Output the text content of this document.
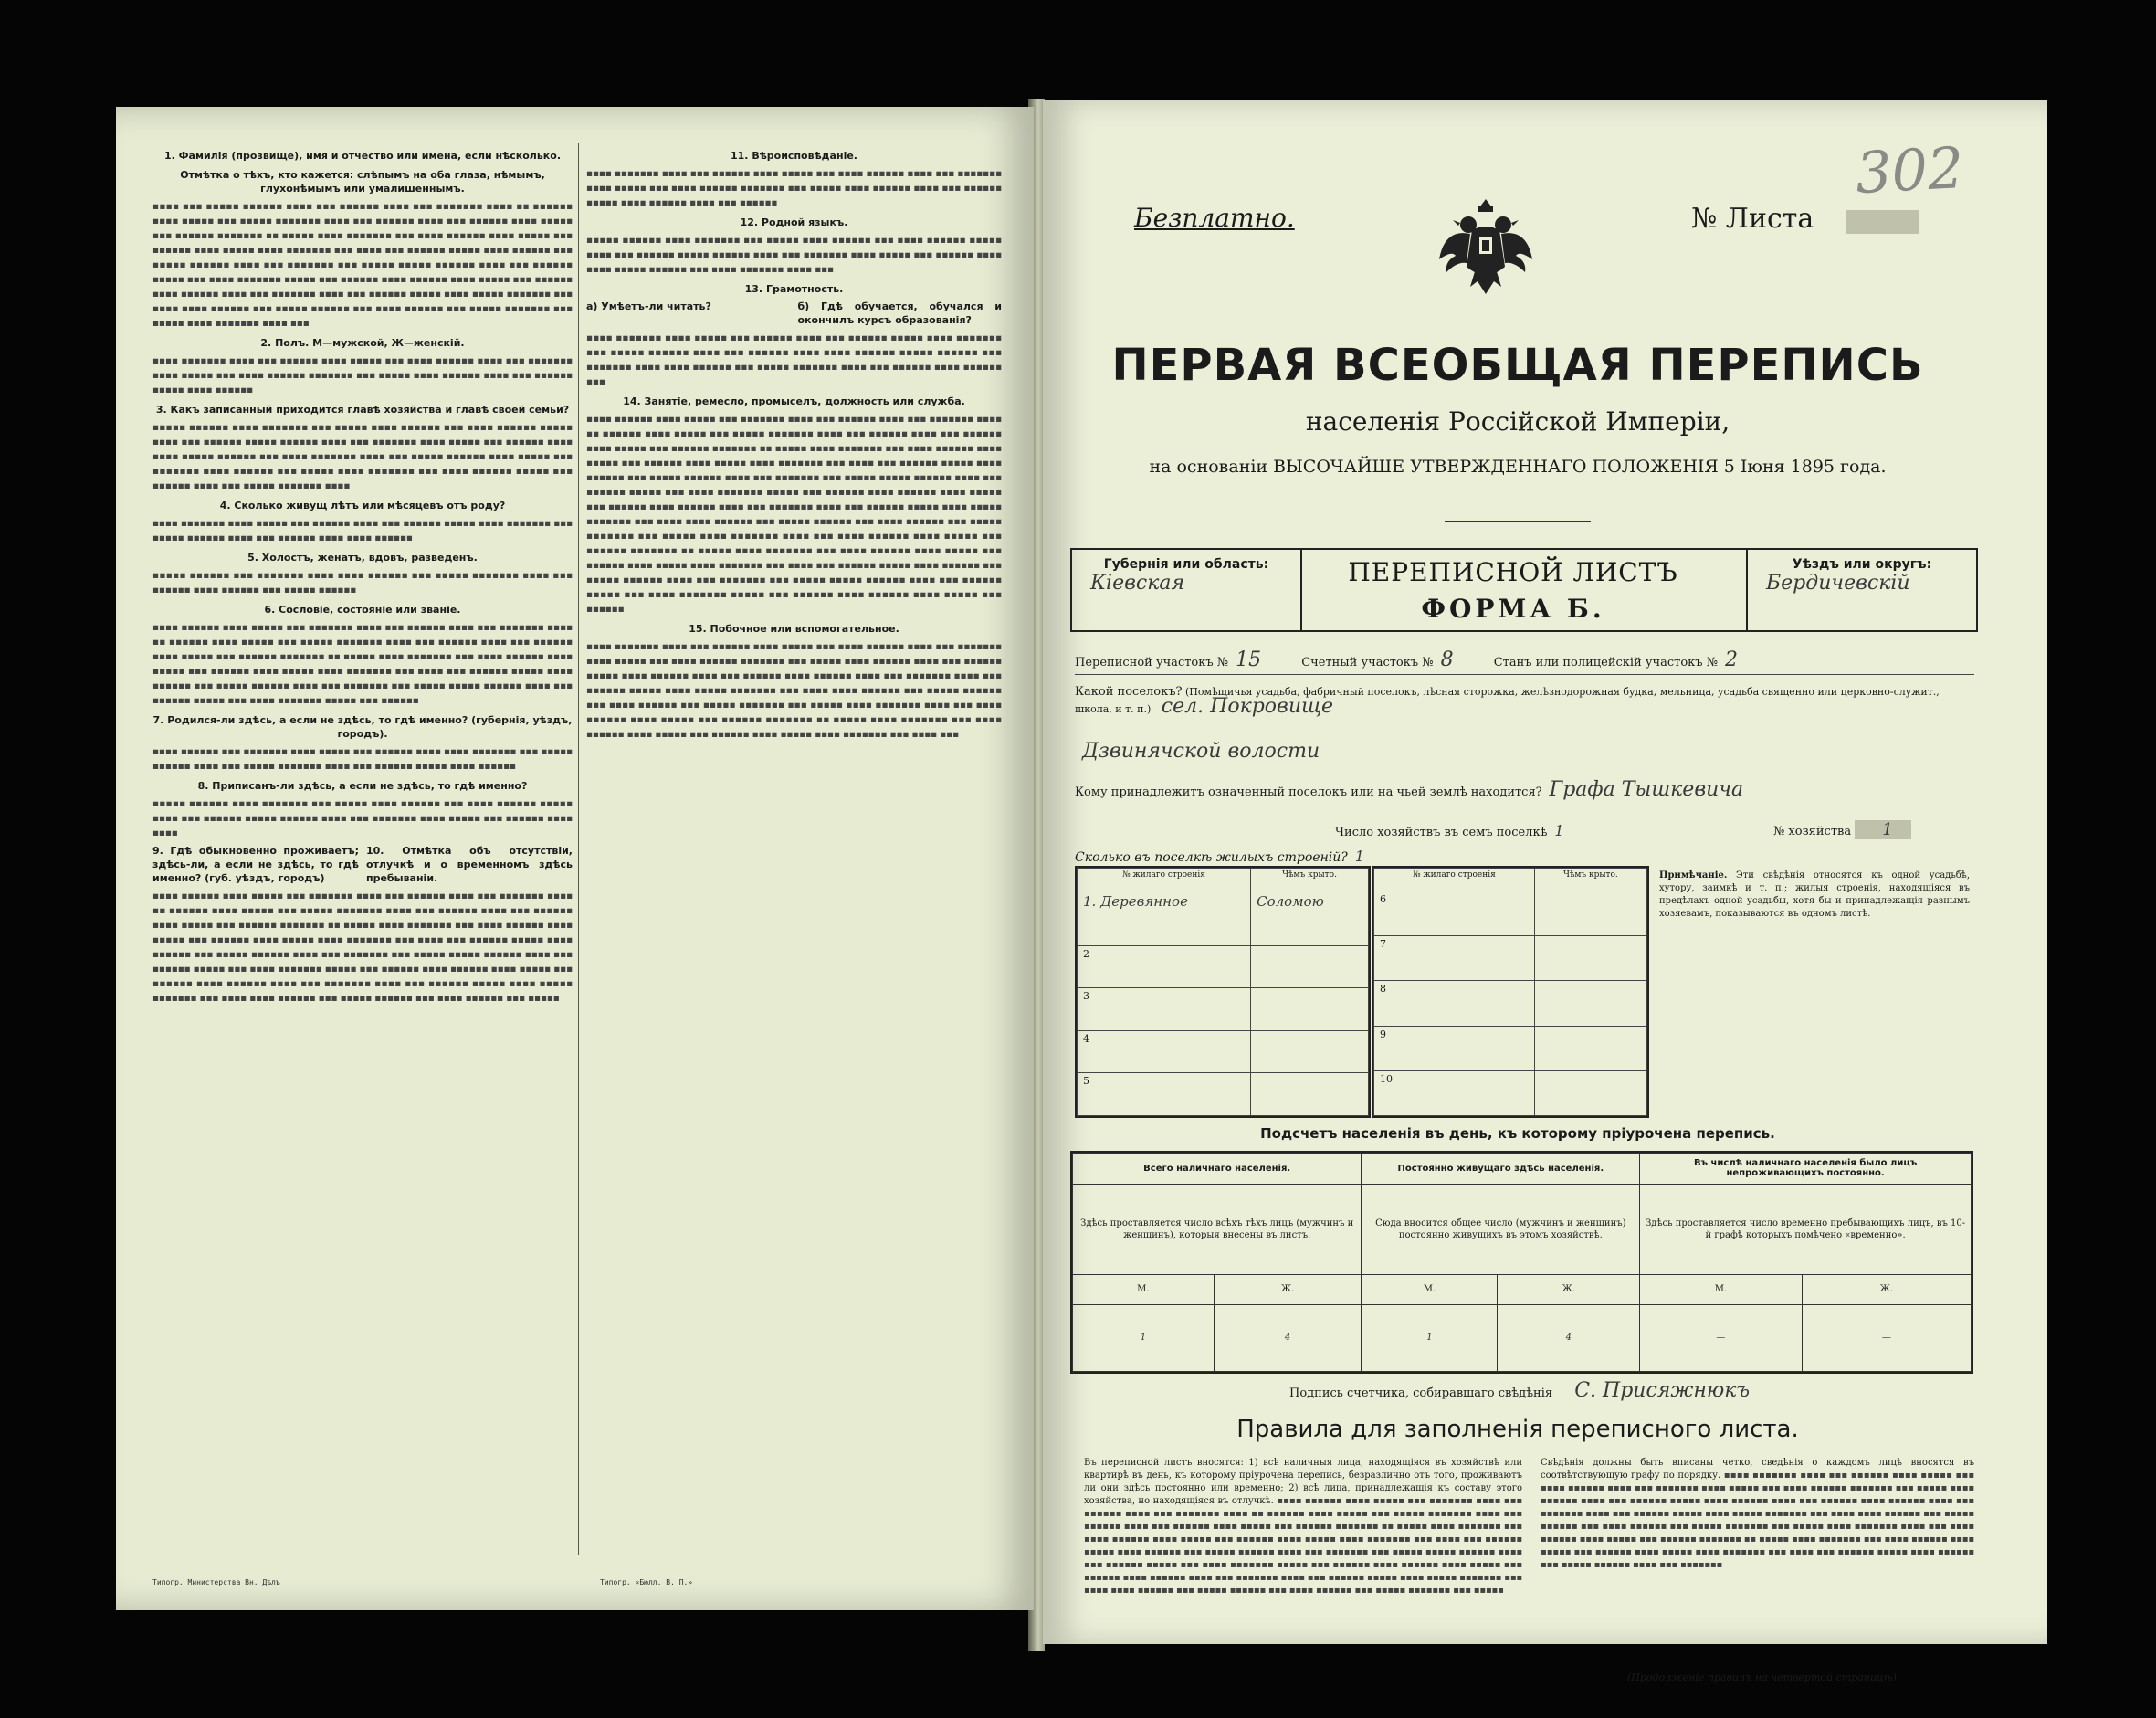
1. Фамилія (прозвище), имя и отчество или имена, если нѣсколько.
Отмѣтка о тѣхъ, кто кажется: слѣпымъ на оба глаза, нѣмымъ, глухонѣмымъ или умалишеннымъ.
▪▪▪▪ ▪▪▪ ▪▪▪▪▪ ▪▪▪▪▪▪ ▪▪▪▪ ▪▪▪ ▪▪▪▪▪▪ ▪▪▪▪ ▪▪▪ ▪▪▪▪▪▪▪ ▪▪▪▪ ▪▪ ▪▪▪▪▪▪ ▪▪▪▪ ▪▪▪▪▪ ▪▪▪ ▪▪▪▪▪ ▪▪▪▪▪▪▪ ▪▪▪▪ ▪▪▪ ▪▪▪▪▪▪ ▪▪▪▪ ▪▪▪ ▪▪▪▪▪▪ ▪▪▪▪ ▪▪▪▪▪ ▪▪▪ ▪▪▪▪▪▪ ▪▪▪▪▪▪▪ ▪▪ ▪▪▪▪▪ ▪▪▪▪ ▪▪▪▪▪▪▪ ▪▪▪ ▪▪▪▪ ▪▪▪▪▪▪ ▪▪▪▪ ▪▪▪▪▪ ▪▪▪ ▪▪▪▪▪▪ ▪▪▪▪ ▪▪▪▪▪ ▪▪▪▪ ▪▪▪▪▪▪▪ ▪▪▪ ▪▪▪▪ ▪▪▪ ▪▪▪▪▪▪ ▪▪▪▪▪ ▪▪▪▪ ▪▪▪▪▪▪ ▪▪▪ ▪▪▪▪▪ ▪▪▪▪▪▪ ▪▪▪▪ ▪▪▪ ▪▪▪▪▪▪▪ ▪▪▪ ▪▪▪▪▪ ▪▪▪▪▪ ▪▪▪▪▪▪ ▪▪▪▪ ▪▪▪ ▪▪▪▪▪▪ ▪▪▪▪▪ ▪▪▪ ▪▪▪▪ ▪▪▪▪▪▪▪ ▪▪▪▪▪ ▪▪▪ ▪▪▪▪▪▪ ▪▪▪▪ ▪▪▪▪▪▪ ▪▪▪▪ ▪▪▪▪▪ ▪▪▪ ▪▪▪▪▪▪ ▪▪▪▪ ▪▪▪▪▪▪ ▪▪▪▪ ▪▪▪ ▪▪▪▪▪▪▪ ▪▪▪▪ ▪▪▪ ▪▪▪▪▪▪ ▪▪▪▪▪ ▪▪▪▪ ▪▪▪▪▪ ▪▪▪▪▪▪▪ ▪▪▪ ▪▪▪▪ ▪▪▪▪ ▪▪▪▪▪▪ ▪▪▪ ▪▪▪▪▪ ▪▪▪▪▪▪ ▪▪▪ ▪▪▪▪ ▪▪▪▪▪▪ ▪▪▪ ▪▪▪▪▪ ▪▪▪▪▪▪▪ ▪▪▪ ▪▪▪▪▪ ▪▪▪▪ ▪▪▪▪▪▪▪ ▪▪▪▪ ▪▪▪
2. Полъ. М—мужской, Ж—женскій.
▪▪▪▪ ▪▪▪▪▪▪▪ ▪▪▪▪ ▪▪▪ ▪▪▪▪▪▪ ▪▪▪▪ ▪▪▪▪▪ ▪▪▪ ▪▪▪▪ ▪▪▪▪▪▪ ▪▪▪▪ ▪▪▪ ▪▪▪▪▪▪▪ ▪▪▪▪ ▪▪▪▪▪ ▪▪▪ ▪▪▪▪ ▪▪▪▪▪▪ ▪▪▪▪▪▪▪ ▪▪▪ ▪▪▪▪▪ ▪▪▪▪ ▪▪▪▪▪▪ ▪▪▪▪ ▪▪▪ ▪▪▪▪▪▪ ▪▪▪▪▪ ▪▪▪▪ ▪▪▪▪▪▪
3. Какъ записанный приходится главѣ хозяйства и главѣ своей семьи?
▪▪▪▪▪ ▪▪▪▪▪▪ ▪▪▪▪ ▪▪▪▪▪▪▪ ▪▪▪ ▪▪▪▪▪ ▪▪▪▪ ▪▪▪▪▪▪ ▪▪▪ ▪▪▪▪ ▪▪▪▪▪▪ ▪▪▪▪▪ ▪▪▪▪ ▪▪▪ ▪▪▪▪▪▪ ▪▪▪▪▪ ▪▪▪▪▪▪ ▪▪▪▪ ▪▪▪ ▪▪▪▪▪▪▪ ▪▪▪▪ ▪▪▪▪▪ ▪▪▪ ▪▪▪▪▪▪ ▪▪▪▪ ▪▪▪▪ ▪▪▪▪▪ ▪▪▪▪▪▪ ▪▪▪ ▪▪▪▪ ▪▪▪▪▪▪▪ ▪▪▪▪ ▪▪▪ ▪▪▪▪▪ ▪▪▪▪▪▪ ▪▪▪▪ ▪▪▪▪▪ ▪▪▪ ▪▪▪▪▪▪▪ ▪▪▪▪ ▪▪▪▪▪▪ ▪▪▪ ▪▪▪▪▪ ▪▪▪▪ ▪▪▪▪▪▪▪ ▪▪▪ ▪▪▪▪ ▪▪▪▪▪▪ ▪▪▪▪▪ ▪▪▪ ▪▪▪▪▪▪ ▪▪▪▪ ▪▪▪ ▪▪▪▪▪ ▪▪▪▪▪▪▪ ▪▪▪▪
4. Сколько живущ лѣтъ или мѣсяцевъ отъ роду?
▪▪▪▪ ▪▪▪▪▪▪▪ ▪▪▪▪ ▪▪▪▪▪ ▪▪▪ ▪▪▪▪▪▪ ▪▪▪▪ ▪▪▪ ▪▪▪▪▪▪ ▪▪▪▪▪ ▪▪▪▪ ▪▪▪▪▪▪▪ ▪▪▪ ▪▪▪▪▪ ▪▪▪▪▪▪ ▪▪▪▪ ▪▪▪ ▪▪▪▪▪▪ ▪▪▪▪ ▪▪▪▪ ▪▪▪▪▪▪
5. Холостъ, женатъ, вдовъ, разведенъ.
▪▪▪▪▪ ▪▪▪▪▪▪ ▪▪▪ ▪▪▪▪▪▪▪ ▪▪▪▪ ▪▪▪▪ ▪▪▪▪▪▪ ▪▪▪ ▪▪▪▪▪ ▪▪▪▪▪▪▪ ▪▪▪▪ ▪▪▪ ▪▪▪▪▪▪ ▪▪▪▪ ▪▪▪▪▪▪ ▪▪▪ ▪▪▪▪▪ ▪▪▪▪▪▪
6. Сословіе, состояніе или званіе.
▪▪▪▪ ▪▪▪▪▪▪ ▪▪▪▪ ▪▪▪▪▪ ▪▪▪ ▪▪▪▪▪▪▪ ▪▪▪▪ ▪▪▪ ▪▪▪▪▪▪ ▪▪▪▪ ▪▪▪ ▪▪▪▪▪▪▪ ▪▪▪▪ ▪▪ ▪▪▪▪▪▪ ▪▪▪▪ ▪▪▪▪▪ ▪▪▪ ▪▪▪▪▪ ▪▪▪▪▪▪▪ ▪▪▪▪ ▪▪▪ ▪▪▪▪▪▪ ▪▪▪▪ ▪▪▪ ▪▪▪▪▪▪ ▪▪▪▪ ▪▪▪▪▪ ▪▪▪ ▪▪▪▪▪▪ ▪▪▪▪▪▪▪ ▪▪ ▪▪▪▪▪ ▪▪▪▪ ▪▪▪▪▪▪▪ ▪▪▪ ▪▪▪▪ ▪▪▪▪▪▪ ▪▪▪▪ ▪▪▪▪▪ ▪▪▪ ▪▪▪▪▪▪ ▪▪▪▪ ▪▪▪▪▪ ▪▪▪▪ ▪▪▪▪▪▪▪ ▪▪▪ ▪▪▪▪ ▪▪▪ ▪▪▪▪▪▪ ▪▪▪▪▪ ▪▪▪▪ ▪▪▪▪▪▪ ▪▪▪ ▪▪▪▪▪ ▪▪▪▪▪▪ ▪▪▪▪ ▪▪▪ ▪▪▪▪▪▪▪ ▪▪▪ ▪▪▪▪▪ ▪▪▪▪▪ ▪▪▪▪▪▪ ▪▪▪▪ ▪▪▪ ▪▪▪▪▪▪ ▪▪▪▪▪ ▪▪▪ ▪▪▪▪ ▪▪▪▪▪▪▪ ▪▪▪▪▪ ▪▪▪ ▪▪▪▪▪▪
7. Родился-ли здѣсь, а если не здѣсь, то гдѣ именно? (губернія, уѣздъ, городъ).
▪▪▪▪ ▪▪▪▪▪▪ ▪▪▪ ▪▪▪▪▪▪▪ ▪▪▪▪ ▪▪▪▪▪ ▪▪▪ ▪▪▪▪▪▪ ▪▪▪▪ ▪▪▪▪ ▪▪▪▪▪▪▪ ▪▪▪ ▪▪▪▪▪ ▪▪▪▪▪▪ ▪▪▪▪ ▪▪▪ ▪▪▪▪▪ ▪▪▪▪▪▪▪ ▪▪▪▪ ▪▪▪ ▪▪▪▪▪▪ ▪▪▪▪▪ ▪▪▪▪ ▪▪▪▪▪▪
8. Приписанъ-ли здѣсь, а если не здѣсь, то гдѣ именно?
▪▪▪▪▪ ▪▪▪▪▪▪ ▪▪▪▪ ▪▪▪▪▪▪▪ ▪▪▪ ▪▪▪▪▪ ▪▪▪▪ ▪▪▪▪▪▪ ▪▪▪ ▪▪▪▪ ▪▪▪▪▪▪ ▪▪▪▪▪ ▪▪▪▪ ▪▪▪ ▪▪▪▪▪▪ ▪▪▪▪▪ ▪▪▪▪▪▪ ▪▪▪▪ ▪▪▪ ▪▪▪▪▪▪▪ ▪▪▪▪ ▪▪▪▪▪ ▪▪▪ ▪▪▪▪▪▪ ▪▪▪▪ ▪▪▪▪
9. Гдѣ обыкновенно проживаетъ; здѣсь-ли, а если не здѣсь, то гдѣ именно? (губ. уѣздъ, городъ)
10. Отмѣтка объ отсутствіи, отлучкѣ и о временномъ здѣсь пребываніи.
▪▪▪▪ ▪▪▪▪▪▪ ▪▪▪▪ ▪▪▪▪▪ ▪▪▪ ▪▪▪▪▪▪▪ ▪▪▪▪ ▪▪▪ ▪▪▪▪▪▪ ▪▪▪▪ ▪▪▪ ▪▪▪▪▪▪▪ ▪▪▪▪ ▪▪ ▪▪▪▪▪▪ ▪▪▪▪ ▪▪▪▪▪ ▪▪▪ ▪▪▪▪▪ ▪▪▪▪▪▪▪ ▪▪▪▪ ▪▪▪ ▪▪▪▪▪▪ ▪▪▪▪ ▪▪▪ ▪▪▪▪▪▪ ▪▪▪▪ ▪▪▪▪▪ ▪▪▪ ▪▪▪▪▪▪ ▪▪▪▪▪▪▪ ▪▪ ▪▪▪▪▪ ▪▪▪▪ ▪▪▪▪▪▪▪ ▪▪▪ ▪▪▪▪ ▪▪▪▪▪▪ ▪▪▪▪ ▪▪▪▪▪ ▪▪▪ ▪▪▪▪▪▪ ▪▪▪▪ ▪▪▪▪▪ ▪▪▪▪ ▪▪▪▪▪▪▪ ▪▪▪ ▪▪▪▪ ▪▪▪ ▪▪▪▪▪▪ ▪▪▪▪▪ ▪▪▪▪ ▪▪▪▪▪▪ ▪▪▪ ▪▪▪▪▪ ▪▪▪▪▪▪ ▪▪▪▪ ▪▪▪ ▪▪▪▪▪▪▪ ▪▪▪ ▪▪▪▪▪ ▪▪▪▪▪ ▪▪▪▪▪▪ ▪▪▪▪ ▪▪▪ ▪▪▪▪▪▪ ▪▪▪▪▪ ▪▪▪ ▪▪▪▪ ▪▪▪▪▪▪▪ ▪▪▪▪▪ ▪▪▪ ▪▪▪▪▪▪ ▪▪▪▪ ▪▪▪▪▪▪ ▪▪▪▪ ▪▪▪▪▪ ▪▪▪ ▪▪▪▪▪▪ ▪▪▪▪ ▪▪▪▪▪▪ ▪▪▪▪ ▪▪▪ ▪▪▪▪▪▪▪ ▪▪▪▪ ▪▪▪ ▪▪▪▪▪▪ ▪▪▪▪▪ ▪▪▪▪ ▪▪▪▪▪ ▪▪▪▪▪▪▪ ▪▪▪ ▪▪▪▪ ▪▪▪▪ ▪▪▪▪▪▪ ▪▪▪ ▪▪▪▪▪ ▪▪▪▪▪▪ ▪▪▪ ▪▪▪▪ ▪▪▪▪▪▪ ▪▪▪ ▪▪▪▪▪
11. Вѣроисповѣданіе.
▪▪▪▪ ▪▪▪▪▪▪▪ ▪▪▪▪ ▪▪▪ ▪▪▪▪▪▪ ▪▪▪▪ ▪▪▪▪▪ ▪▪▪ ▪▪▪▪ ▪▪▪▪▪▪ ▪▪▪▪ ▪▪▪ ▪▪▪▪▪▪▪ ▪▪▪▪ ▪▪▪▪▪ ▪▪▪ ▪▪▪▪ ▪▪▪▪▪▪ ▪▪▪▪▪▪▪ ▪▪▪ ▪▪▪▪▪ ▪▪▪▪ ▪▪▪▪▪▪ ▪▪▪▪ ▪▪▪ ▪▪▪▪▪▪ ▪▪▪▪▪ ▪▪▪▪ ▪▪▪▪▪▪ ▪▪▪▪ ▪▪▪ ▪▪▪▪▪▪
12. Родной языкъ.
▪▪▪▪▪ ▪▪▪▪▪▪ ▪▪▪▪ ▪▪▪▪▪▪▪ ▪▪▪ ▪▪▪▪▪ ▪▪▪▪ ▪▪▪▪▪▪ ▪▪▪ ▪▪▪▪ ▪▪▪▪▪▪ ▪▪▪▪▪ ▪▪▪▪ ▪▪▪ ▪▪▪▪▪▪ ▪▪▪▪▪ ▪▪▪▪▪▪ ▪▪▪▪ ▪▪▪ ▪▪▪▪▪▪▪ ▪▪▪▪ ▪▪▪▪▪ ▪▪▪ ▪▪▪▪▪▪ ▪▪▪▪ ▪▪▪▪ ▪▪▪▪▪ ▪▪▪▪▪▪ ▪▪▪ ▪▪▪▪ ▪▪▪▪▪▪▪ ▪▪▪▪ ▪▪▪
13. Грамотность.
а) Умѣетъ-ли читать?	б) Гдѣ обучается, обучался и окончилъ курсъ образованія?
▪▪▪▪ ▪▪▪▪▪▪▪ ▪▪▪▪ ▪▪▪▪▪ ▪▪▪ ▪▪▪▪▪▪ ▪▪▪▪ ▪▪▪ ▪▪▪▪▪▪ ▪▪▪▪▪ ▪▪▪▪ ▪▪▪▪▪▪▪ ▪▪▪ ▪▪▪▪▪ ▪▪▪▪▪▪ ▪▪▪▪ ▪▪▪ ▪▪▪▪▪▪ ▪▪▪▪ ▪▪▪▪ ▪▪▪▪▪▪ ▪▪▪▪▪ ▪▪▪▪▪▪ ▪▪▪ ▪▪▪▪▪▪▪ ▪▪▪▪ ▪▪▪▪ ▪▪▪▪▪▪ ▪▪▪ ▪▪▪▪▪ ▪▪▪▪▪▪▪ ▪▪▪▪ ▪▪▪ ▪▪▪▪▪▪ ▪▪▪▪ ▪▪▪▪▪▪ ▪▪▪
14. Занятіе, ремесло, промыселъ, должность или служба.
▪▪▪▪ ▪▪▪▪▪▪ ▪▪▪▪ ▪▪▪▪▪ ▪▪▪ ▪▪▪▪▪▪▪ ▪▪▪▪ ▪▪▪ ▪▪▪▪▪▪ ▪▪▪▪ ▪▪▪ ▪▪▪▪▪▪▪ ▪▪▪▪ ▪▪ ▪▪▪▪▪▪ ▪▪▪▪ ▪▪▪▪▪ ▪▪▪ ▪▪▪▪▪ ▪▪▪▪▪▪▪ ▪▪▪▪ ▪▪▪ ▪▪▪▪▪▪ ▪▪▪▪ ▪▪▪ ▪▪▪▪▪▪ ▪▪▪▪ ▪▪▪▪▪ ▪▪▪ ▪▪▪▪▪▪ ▪▪▪▪▪▪▪ ▪▪ ▪▪▪▪▪ ▪▪▪▪ ▪▪▪▪▪▪▪ ▪▪▪ ▪▪▪▪ ▪▪▪▪▪▪ ▪▪▪▪ ▪▪▪▪▪ ▪▪▪ ▪▪▪▪▪▪ ▪▪▪▪ ▪▪▪▪▪ ▪▪▪▪ ▪▪▪▪▪▪▪ ▪▪▪ ▪▪▪▪ ▪▪▪ ▪▪▪▪▪▪ ▪▪▪▪▪ ▪▪▪▪ ▪▪▪▪▪▪ ▪▪▪ ▪▪▪▪▪ ▪▪▪▪▪▪ ▪▪▪▪ ▪▪▪ ▪▪▪▪▪▪▪ ▪▪▪ ▪▪▪▪▪ ▪▪▪▪▪ ▪▪▪▪▪▪ ▪▪▪▪ ▪▪▪ ▪▪▪▪▪▪ ▪▪▪▪▪ ▪▪▪ ▪▪▪▪ ▪▪▪▪▪▪▪ ▪▪▪▪▪ ▪▪▪ ▪▪▪▪▪▪ ▪▪▪▪ ▪▪▪▪▪▪ ▪▪▪▪ ▪▪▪▪▪ ▪▪▪ ▪▪▪▪▪▪ ▪▪▪▪ ▪▪▪▪▪▪ ▪▪▪▪ ▪▪▪ ▪▪▪▪▪▪▪ ▪▪▪▪ ▪▪▪ ▪▪▪▪▪▪ ▪▪▪▪▪ ▪▪▪▪ ▪▪▪▪▪ ▪▪▪▪▪▪▪ ▪▪▪ ▪▪▪▪ ▪▪▪▪ ▪▪▪▪▪▪ ▪▪▪ ▪▪▪▪▪ ▪▪▪▪▪▪ ▪▪▪ ▪▪▪▪ ▪▪▪▪▪▪ ▪▪▪ ▪▪▪▪▪ ▪▪▪▪▪▪▪ ▪▪▪ ▪▪▪▪▪ ▪▪▪▪ ▪▪▪▪▪▪▪ ▪▪▪▪ ▪▪▪ ▪▪▪▪ ▪▪▪▪▪▪ ▪▪▪▪ ▪▪▪▪▪ ▪▪▪ ▪▪▪▪▪▪ ▪▪▪▪▪▪▪ ▪▪ ▪▪▪▪▪ ▪▪▪▪ ▪▪▪▪▪▪▪ ▪▪▪ ▪▪▪▪ ▪▪▪▪▪▪ ▪▪▪▪ ▪▪▪▪▪ ▪▪▪ ▪▪▪▪▪▪ ▪▪▪▪ ▪▪▪▪▪ ▪▪▪▪ ▪▪▪▪▪▪▪ ▪▪▪ ▪▪▪▪ ▪▪▪ ▪▪▪▪▪▪ ▪▪▪▪▪ ▪▪▪▪ ▪▪▪▪▪▪ ▪▪▪ ▪▪▪▪▪ ▪▪▪▪▪▪ ▪▪▪▪ ▪▪▪ ▪▪▪▪▪▪▪ ▪▪▪ ▪▪▪▪▪ ▪▪▪▪▪ ▪▪▪▪▪▪ ▪▪▪▪ ▪▪▪ ▪▪▪▪▪▪ ▪▪▪▪▪ ▪▪▪ ▪▪▪▪ ▪▪▪▪▪▪▪ ▪▪▪▪▪ ▪▪▪ ▪▪▪▪▪▪ ▪▪▪▪ ▪▪▪▪▪▪ ▪▪▪▪ ▪▪▪▪▪ ▪▪▪ ▪▪▪▪▪▪
15. Побочное или вспомогательное.
▪▪▪▪ ▪▪▪▪▪▪▪ ▪▪▪▪ ▪▪▪ ▪▪▪▪▪▪ ▪▪▪▪ ▪▪▪▪▪ ▪▪▪ ▪▪▪▪ ▪▪▪▪▪▪ ▪▪▪▪ ▪▪▪ ▪▪▪▪▪▪▪ ▪▪▪▪ ▪▪▪▪▪ ▪▪▪ ▪▪▪▪ ▪▪▪▪▪▪ ▪▪▪▪▪▪▪ ▪▪▪ ▪▪▪▪▪ ▪▪▪▪ ▪▪▪▪▪▪ ▪▪▪▪ ▪▪▪ ▪▪▪▪▪▪ ▪▪▪▪▪ ▪▪▪▪ ▪▪▪▪▪▪ ▪▪▪▪ ▪▪▪ ▪▪▪▪▪▪ ▪▪▪▪ ▪▪▪▪▪▪ ▪▪▪▪ ▪▪▪ ▪▪▪▪▪▪▪ ▪▪▪▪ ▪▪▪ ▪▪▪▪▪▪ ▪▪▪▪▪ ▪▪▪▪ ▪▪▪▪▪ ▪▪▪▪▪▪▪ ▪▪▪ ▪▪▪▪ ▪▪▪▪ ▪▪▪▪▪▪ ▪▪▪ ▪▪▪▪▪ ▪▪▪▪▪▪ ▪▪▪ ▪▪▪▪ ▪▪▪▪▪▪ ▪▪▪ ▪▪▪▪▪ ▪▪▪▪▪▪▪ ▪▪▪ ▪▪▪▪▪ ▪▪▪▪ ▪▪▪▪▪▪▪ ▪▪▪▪ ▪▪▪ ▪▪▪▪ ▪▪▪▪▪▪ ▪▪▪▪ ▪▪▪▪▪ ▪▪▪ ▪▪▪▪▪▪ ▪▪▪▪▪▪▪ ▪▪ ▪▪▪▪▪ ▪▪▪▪ ▪▪▪▪▪▪▪ ▪▪▪ ▪▪▪▪ ▪▪▪▪▪▪ ▪▪▪▪ ▪▪▪▪▪ ▪▪▪ ▪▪▪▪▪▪ ▪▪▪▪ ▪▪▪▪▪ ▪▪▪▪ ▪▪▪▪▪▪▪ ▪▪▪ ▪▪▪▪ ▪▪▪
Типогр. Министерства Вн. Дѣлъ	Типогр. «Бюлл. В. П.»
Безплатно.
302
№ Листа
ПЕРВАЯ ВСЕОБЩАЯ ПЕРЕПИСЬ
населенія Россійской Имперіи,
на основаніи ВЫСОЧАЙШЕ УТВЕРЖДЕННАГО ПОЛОЖЕНІЯ 5 Іюня 1895 года.
Губернія или область:
Кіевская
Уѣздъ или округъ:
Бердичевскій
ПЕРЕПИСНОЙ ЛИСТЪ
ФОРМА Б.
Переписной участокъ № 15	Счетный участокъ № 8	Станъ или полицейскій участокъ № 2
Какой поселокъ? (Помѣщичья усадьба, фабричный поселокъ, лѣсная сторожка, желѣзнодорожная будка, мельница, усадьба священно или церковно-служит., школа, и т. п.) сел. Покровище
Дзвинячской волости
Кому принадлежитъ означенный поселокъ или на чьей землѣ находится? Графа Тышкевича
Число хозяйствъ въ семъ поселкѣ 1	№ хозяйства 1
Сколько въ поселкѣ жилыхъ строеній? 1
№ жилаго строенія	Чѣмъ крыто.
1. Деревянное	Соломою
2	
3	
4	
5	
№ жилаго строенія	Чѣмъ крыто.
6	
7	
8	
9	
10	
Примѣчаніе. Эти свѣдѣнія относятся къ одной усадьбѣ, хутору, заимкѣ и т. п.; жилыя строенія, находящіяся въ предѣлахъ одной усадьбы, хотя бы и принадлежащія разнымъ хозяевамъ, показываются въ одномъ листѣ.
Подсчетъ населенія въ день, къ которому пріурочена перепись.
Всего наличнаго населенія.		Постоянно живущаго здѣсь населенія.		Въ числѣ наличнаго населенія было лицъ непроживающихъ постоянно.	
Здѣсь проставляется число всѣхъ тѣхъ лицъ (мужчинъ и женщинъ), которыя внесены въ листъ.		Сюда вносится общее число (мужчинъ и женщинъ) постоянно живущихъ въ этомъ хозяйствѣ.		Здѣсь проставляется число временно пребывающихъ лицъ, въ 10-й графѣ которыхъ помѣчено «временно».	
М.	Ж.	М.	Ж.	М.	Ж.
1	4	1	4	—	—
Подпись счетчика, собиравшаго свѣдѣнія С. Присяжнюкъ
Правила для заполненія переписного листа.
Въ переписной листъ вносятся: 1) всѣ наличныя лица, находящіяся въ хозяйствѣ или квартирѣ въ день, къ которому пріурочена перепись, безразлично отъ того, проживаютъ ли они здѣсь постоянно или временно; 2) всѣ лица, принадлежащія къ составу этого хозяйства, но находящіяся въ отлучкѣ. ▪▪▪▪ ▪▪▪▪▪▪ ▪▪▪▪ ▪▪▪▪▪ ▪▪▪ ▪▪▪▪▪▪▪ ▪▪▪▪ ▪▪▪ ▪▪▪▪▪▪ ▪▪▪▪ ▪▪▪ ▪▪▪▪▪▪▪ ▪▪▪▪ ▪▪ ▪▪▪▪▪▪ ▪▪▪▪ ▪▪▪▪▪ ▪▪▪ ▪▪▪▪▪ ▪▪▪▪▪▪▪ ▪▪▪▪ ▪▪▪ ▪▪▪▪▪▪ ▪▪▪▪ ▪▪▪ ▪▪▪▪▪▪ ▪▪▪▪ ▪▪▪▪▪ ▪▪▪ ▪▪▪▪▪▪ ▪▪▪▪▪▪▪ ▪▪ ▪▪▪▪▪ ▪▪▪▪ ▪▪▪▪▪▪▪ ▪▪▪ ▪▪▪▪ ▪▪▪▪▪▪ ▪▪▪▪ ▪▪▪▪▪ ▪▪▪ ▪▪▪▪▪▪ ▪▪▪▪ ▪▪▪▪▪ ▪▪▪▪ ▪▪▪▪▪▪▪ ▪▪▪ ▪▪▪▪ ▪▪▪ ▪▪▪▪▪▪ ▪▪▪▪▪ ▪▪▪▪ ▪▪▪▪▪▪ ▪▪▪ ▪▪▪▪▪ ▪▪▪▪▪▪ ▪▪▪▪ ▪▪▪ ▪▪▪▪▪▪▪ ▪▪▪ ▪▪▪▪▪ ▪▪▪▪▪ ▪▪▪▪▪▪ ▪▪▪▪ ▪▪▪ ▪▪▪▪▪▪ ▪▪▪▪▪ ▪▪▪ ▪▪▪▪ ▪▪▪▪▪▪▪ ▪▪▪▪▪ ▪▪▪ ▪▪▪▪▪▪ ▪▪▪▪ ▪▪▪▪▪▪ ▪▪▪▪ ▪▪▪▪▪ ▪▪▪ ▪▪▪▪▪▪ ▪▪▪▪ ▪▪▪▪▪▪ ▪▪▪▪ ▪▪▪ ▪▪▪▪▪▪▪ ▪▪▪▪ ▪▪▪ ▪▪▪▪▪▪ ▪▪▪▪▪ ▪▪▪▪ ▪▪▪▪▪ ▪▪▪▪▪▪▪ ▪▪▪ ▪▪▪▪ ▪▪▪▪ ▪▪▪▪▪▪ ▪▪▪ ▪▪▪▪▪ ▪▪▪▪▪▪ ▪▪▪ ▪▪▪▪ ▪▪▪▪▪▪ ▪▪▪ ▪▪▪▪▪ ▪▪▪▪▪▪▪ ▪▪▪ ▪▪▪▪▪
Свѣдѣнія должны быть вписаны четко, сведѣнія о каждомъ лицѣ вносятся въ соотвѣтствующую графу по порядку. ▪▪▪▪ ▪▪▪▪▪▪▪ ▪▪▪▪ ▪▪▪ ▪▪▪▪▪▪ ▪▪▪▪ ▪▪▪▪▪ ▪▪▪ ▪▪▪▪ ▪▪▪▪▪▪ ▪▪▪▪ ▪▪▪ ▪▪▪▪▪▪▪ ▪▪▪▪ ▪▪▪▪▪ ▪▪▪ ▪▪▪▪ ▪▪▪▪▪▪ ▪▪▪▪▪▪▪ ▪▪▪ ▪▪▪▪▪ ▪▪▪▪ ▪▪▪▪▪▪ ▪▪▪▪ ▪▪▪ ▪▪▪▪▪▪ ▪▪▪▪▪ ▪▪▪▪ ▪▪▪▪▪▪ ▪▪▪▪ ▪▪▪ ▪▪▪▪▪▪ ▪▪▪▪ ▪▪▪▪▪▪ ▪▪▪▪ ▪▪▪ ▪▪▪▪▪▪▪ ▪▪▪▪ ▪▪▪ ▪▪▪▪▪▪ ▪▪▪▪▪ ▪▪▪▪ ▪▪▪▪▪ ▪▪▪▪▪▪▪ ▪▪▪ ▪▪▪▪ ▪▪▪▪ ▪▪▪▪▪▪ ▪▪▪ ▪▪▪▪▪ ▪▪▪▪▪▪ ▪▪▪ ▪▪▪▪ ▪▪▪▪▪▪ ▪▪▪ ▪▪▪▪▪ ▪▪▪▪▪▪▪ ▪▪▪ ▪▪▪▪▪ ▪▪▪▪ ▪▪▪▪▪▪▪ ▪▪▪▪ ▪▪▪ ▪▪▪▪ ▪▪▪▪▪▪ ▪▪▪▪ ▪▪▪▪▪ ▪▪▪ ▪▪▪▪▪▪ ▪▪▪▪▪▪▪ ▪▪ ▪▪▪▪▪ ▪▪▪▪ ▪▪▪▪▪▪▪ ▪▪▪ ▪▪▪▪ ▪▪▪▪▪▪ ▪▪▪▪ ▪▪▪▪▪ ▪▪▪ ▪▪▪▪▪▪ ▪▪▪▪ ▪▪▪▪▪ ▪▪▪▪ ▪▪▪▪▪▪▪ ▪▪▪ ▪▪▪▪ ▪▪▪ ▪▪▪▪▪▪ ▪▪▪▪▪ ▪▪▪▪ ▪▪▪▪▪▪ ▪▪▪ ▪▪▪▪▪ ▪▪▪▪▪▪ ▪▪▪▪ ▪▪▪ ▪▪▪▪▪▪▪
(Продолженіе правилъ на четвертой страницѣ)
